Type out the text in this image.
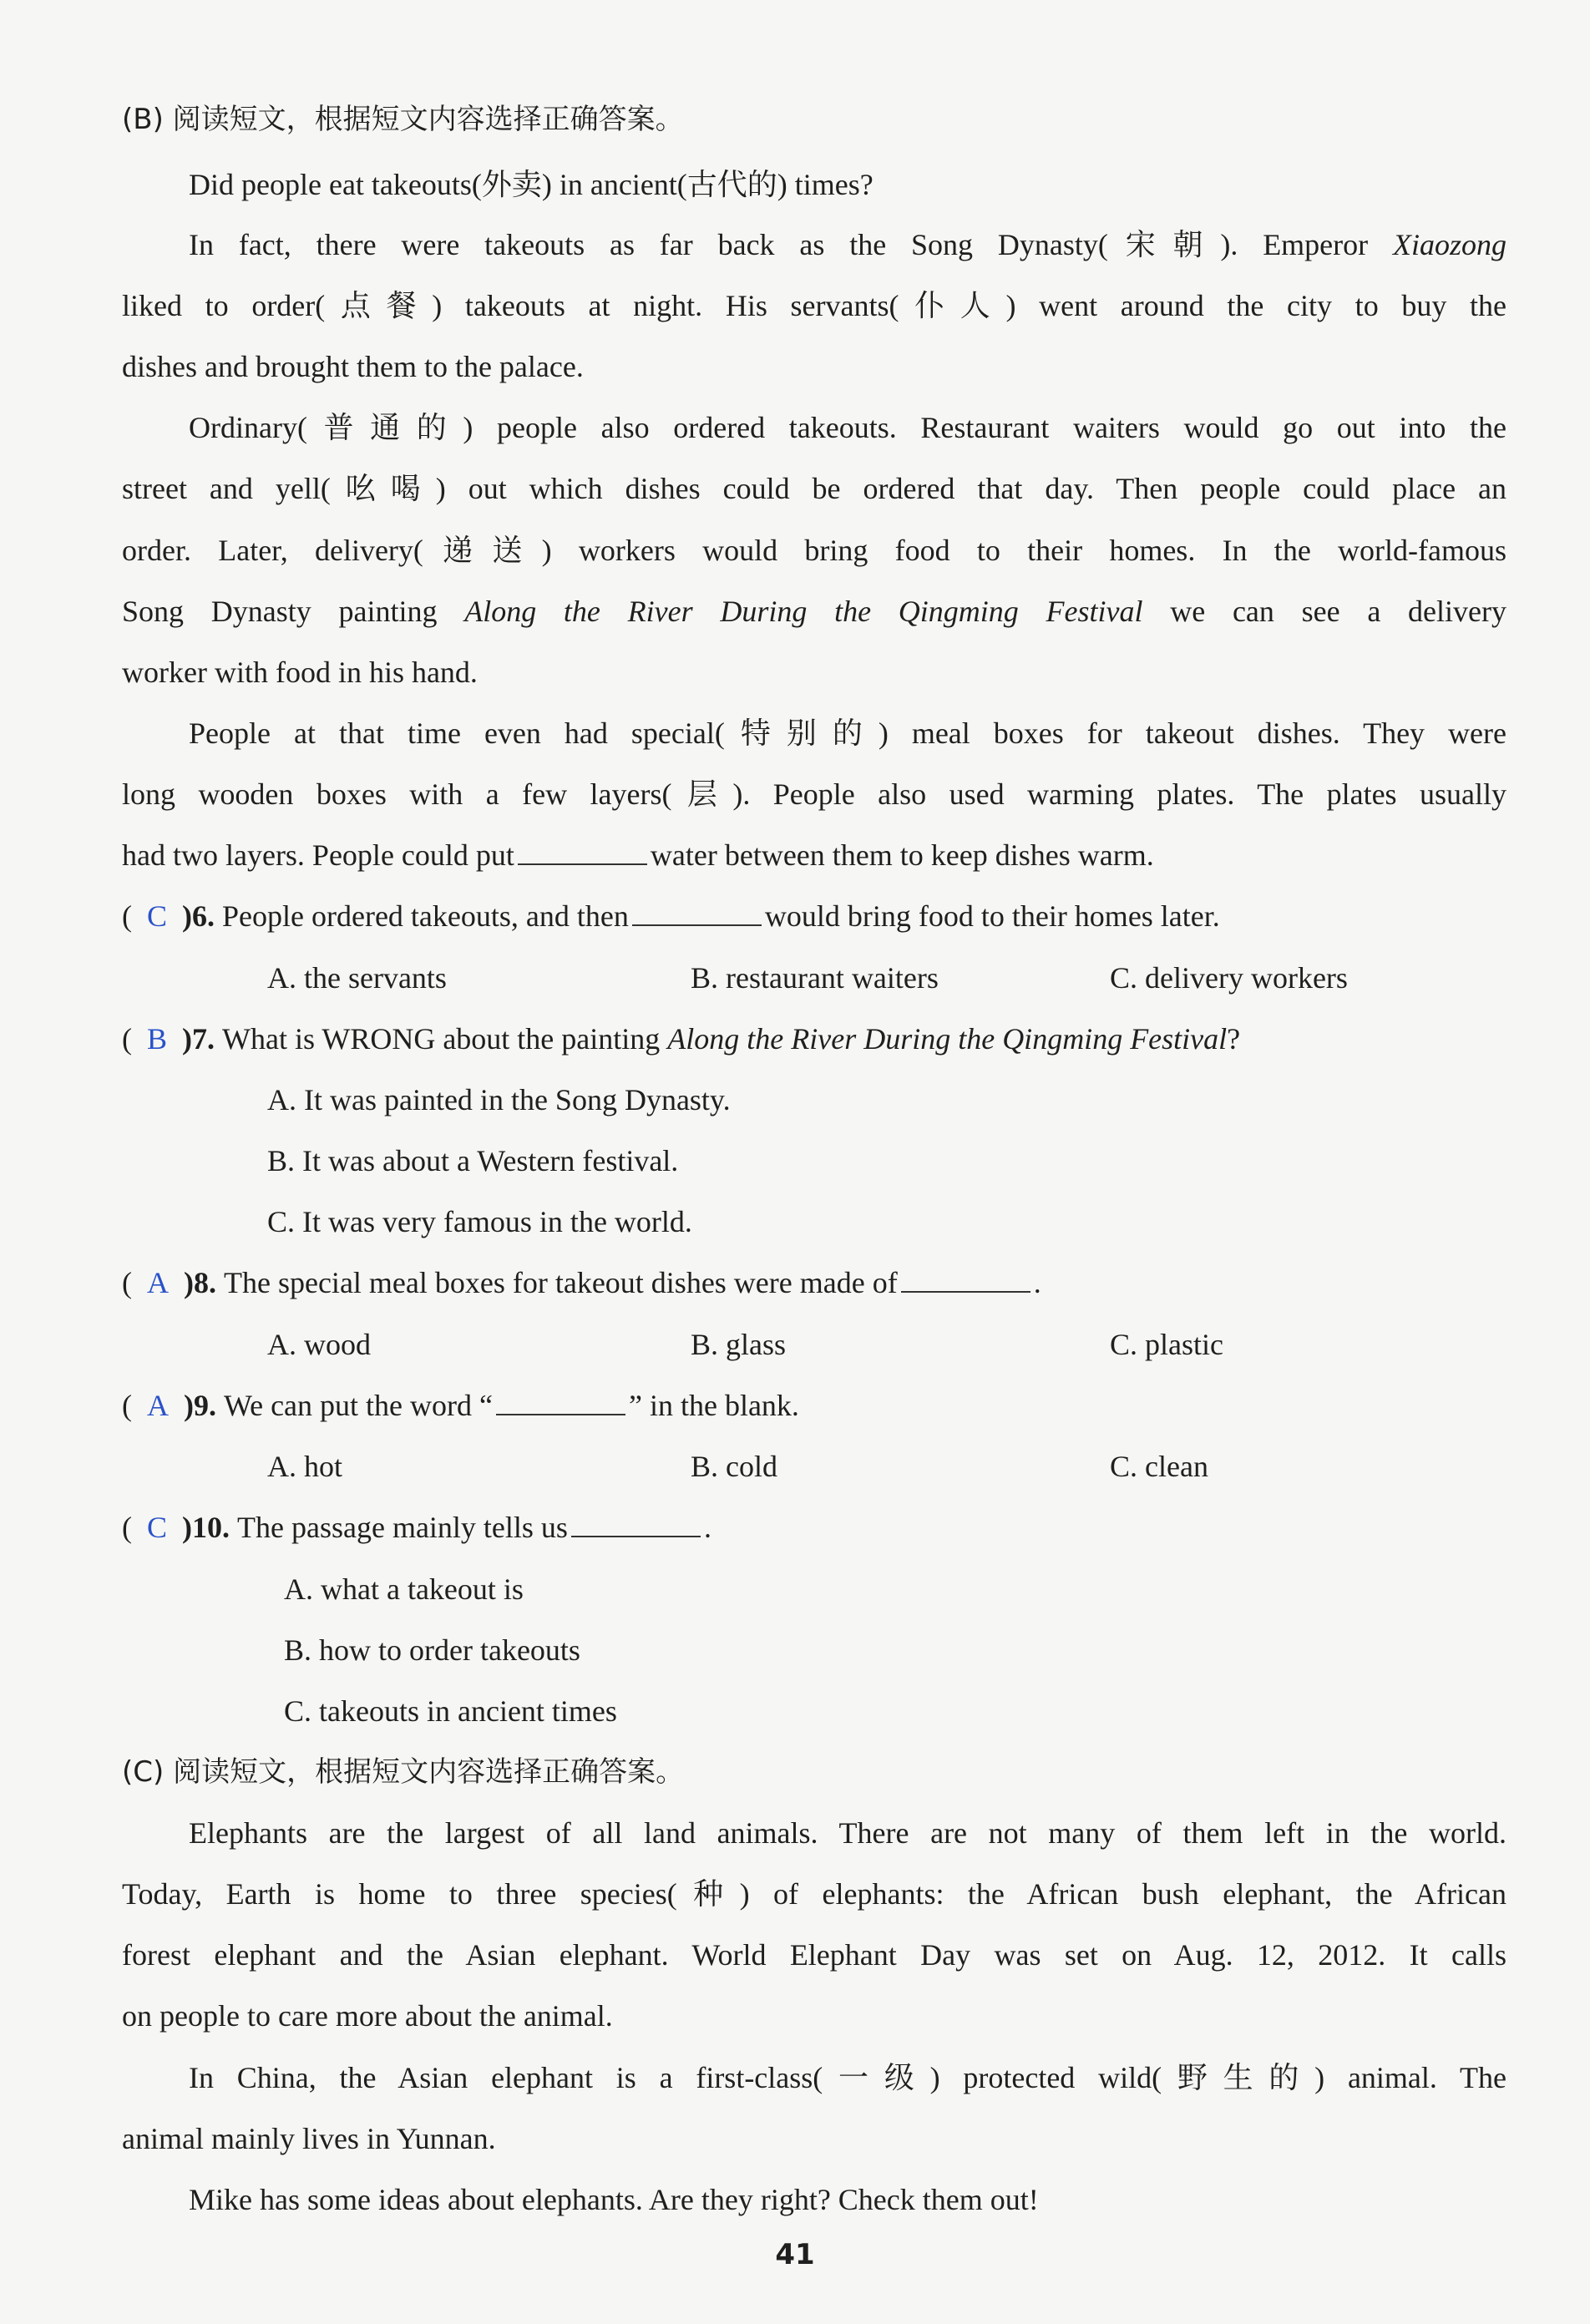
(B) 阅读短文，根据短文内容选择正确答案。
Did people eat takeouts(外卖) in ancient(古代的) times?
In fact, there were takeouts as far back as the Song Dynasty(宋朝). Emperor Xiaozong
liked to order(点餐) takeouts at night. His servants(仆人) went around the city to buy the
dishes and brought them to the palace.
Ordinary(普通的) people also ordered takeouts. Restaurant waiters would go out into the
street and yell(吆喝) out which dishes could be ordered that day. Then people could place an
order. Later, delivery(递送) workers would bring food to their homes. In the world-famous
Song Dynasty painting Along the River During the Qingming Festival we can see a delivery
worker with food in his hand.
People at that time even had special(特别的) meal boxes for takeout dishes. They were
long wooden boxes with a few layers(层). People also used warming plates. The plates usually
had two layers. People could put	water between them to keep dishes warm.
( C )6. People ordered takeouts, and then	would bring food to their homes later.
A. the servants	B. restaurant waiters	C. delivery workers
( B )7. What is WRONG about the painting Along the River During the Qingming Festival?
A. It was painted in the Song Dynasty.
B. It was about a Western festival.
C. It was very famous in the world.
( A )8. The special meal boxes for takeout dishes were made of	.
A. wood	B. glass	C. plastic
( A )9. We can put the word “	” in the blank.
A. hot	B. cold	C. clean
( C )10. The passage mainly tells us	.
A. what a takeout is
B. how to order takeouts
C. takeouts in ancient times
(C) 阅读短文，根据短文内容选择正确答案。
Elephants are the largest of all land animals. There are not many of them left in the world.
Today, Earth is home to three species(种) of elephants: the African bush elephant, the African
forest elephant and the Asian elephant. World Elephant Day was set on Aug. 12, 2012. It calls
on people to care more about the animal.
In China, the Asian elephant is a first-class(一级) protected wild(野生的) animal. The
animal mainly lives in Yunnan.
Mike has some ideas about elephants. Are they right? Check them out!
41
